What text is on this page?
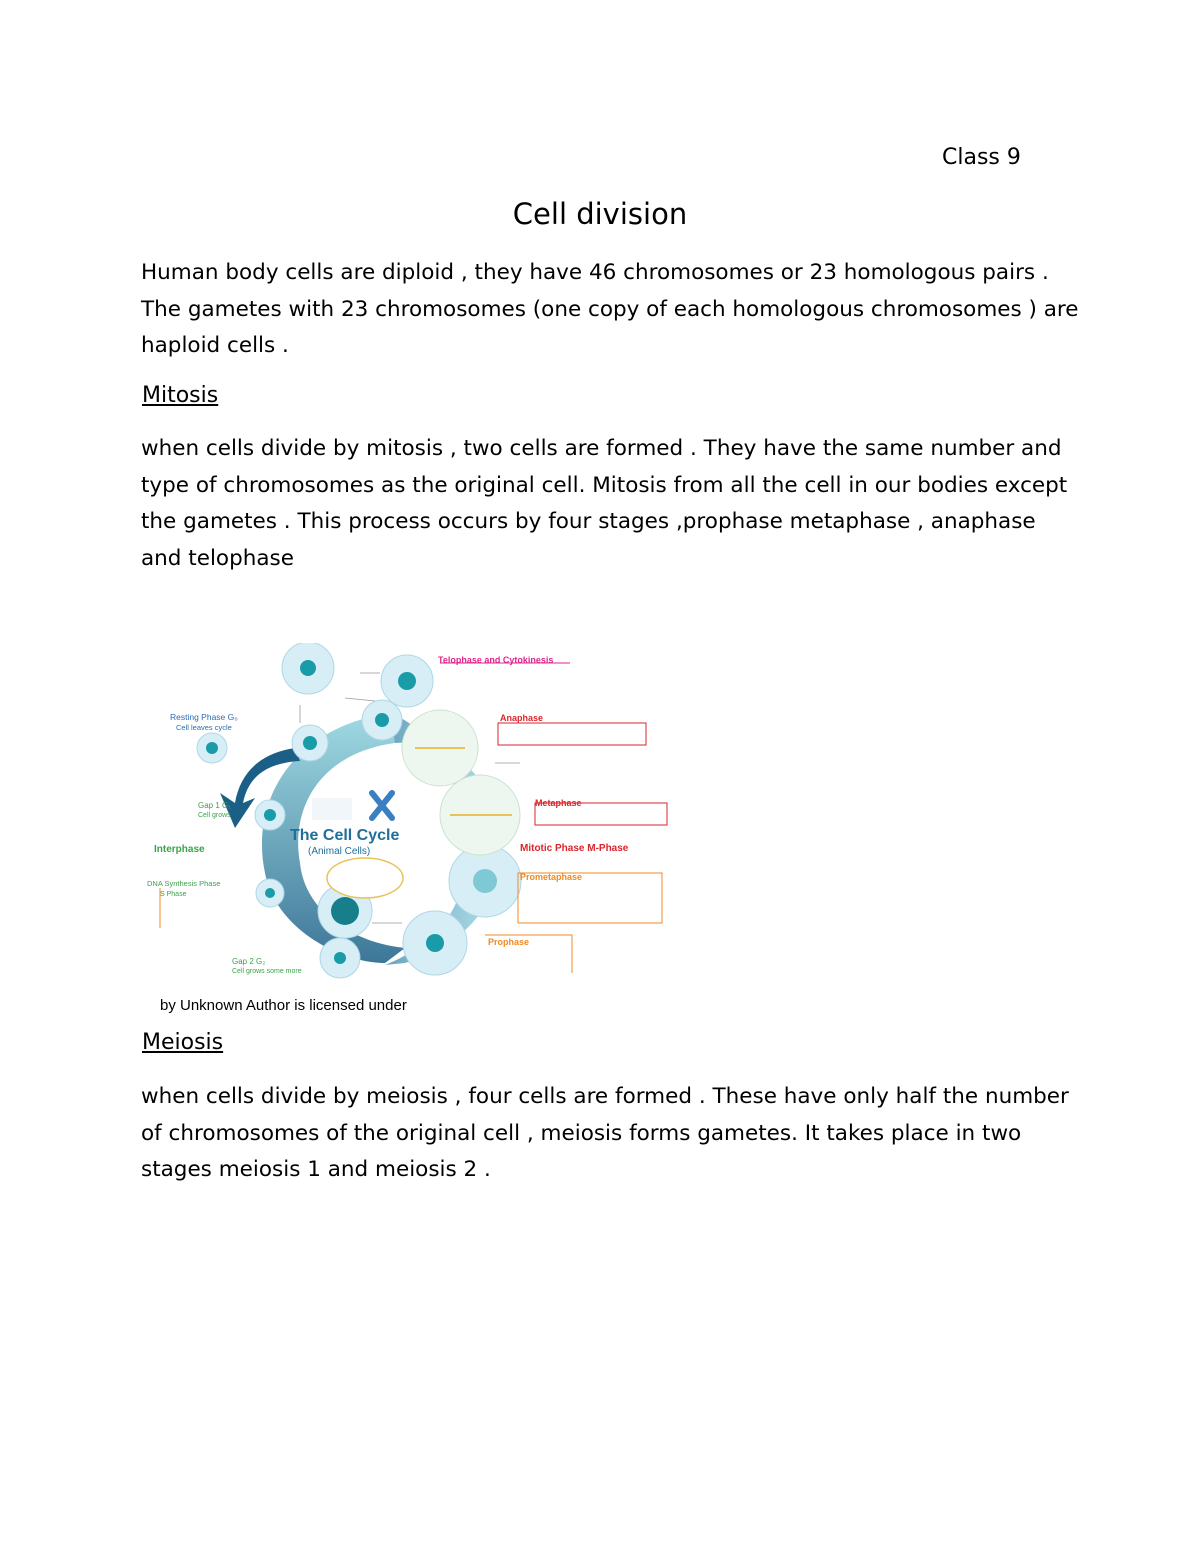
Class 9
Cell division
Human body cells are diploid , they have 46 chromosomes or 23 homologous pairs . The gametes with 23 chromosomes (one copy of each homologous chromosomes ) are haploid cells .
Mitosis
when cells divide by mitosis , two cells are formed . They have the same number and type of chromosomes as the original cell. Mitosis from all the cell in our bodies except the gametes . This process occurs by four stages ,prophase metaphase , anaphase and telophase
Telophase and Cytokinesis
Anaphase
Metaphase
Mitotic Phase M-Phase
Prometaphase
Prophase
Interphase
Resting Phase G₀
Cell leaves cycle
Gap 1 G₁
Cell grows
DNA Synthesis Phase
S Phase
Gap 2 G₂
Cell grows some more
The Cell Cycle
(Animal Cells)
by Unknown Author is licensed under
Meiosis
when cells divide by meiosis , four cells are formed . These have only half the number of chromosomes of the original cell , meiosis forms gametes. It takes place in two stages meiosis 1 and meiosis 2 .
